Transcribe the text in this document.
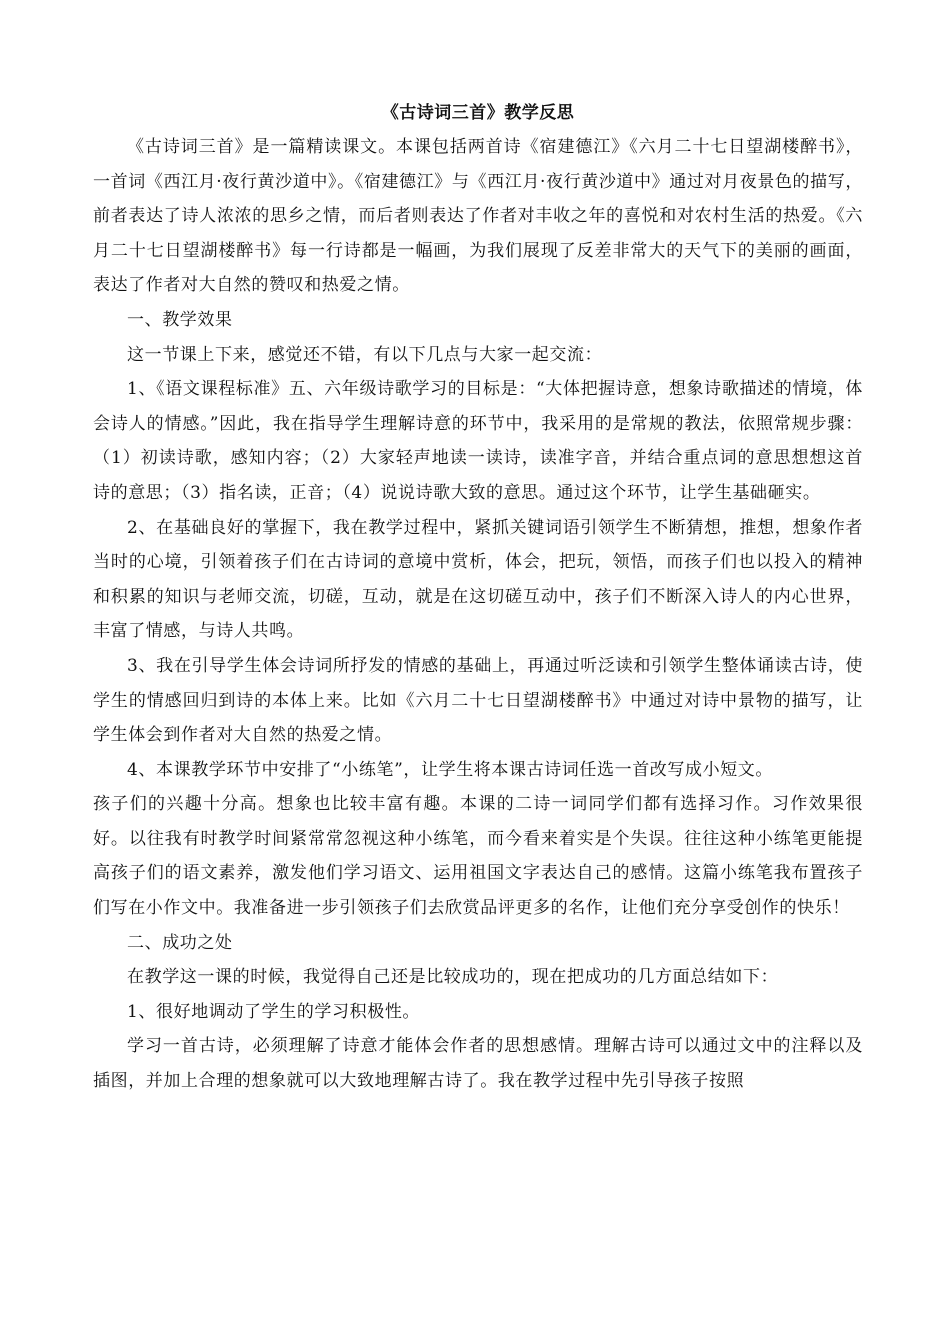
《古诗词三首》教学反思

《古诗词三首》是一篇精读课文。本课包括两首诗《宿建德江》《六月二十七日望湖楼醉书》，一首词《西江月·夜行黄沙道中》。《宿建德江》与《西江月·夜行黄沙道中》通过对月夜景色的描写，前者表达了诗人浓浓的思乡之情，而后者则表达了作者对丰收之年的喜悦和对农村生活的热爱。《六月二十七日望湖楼醉书》每一行诗都是一幅画，为我们展现了反差非常大的天气下的美丽的画面，表达了作者对大自然的赞叹和热爱之情。

一、教学效果

这一节课上下来，感觉还不错，有以下几点与大家一起交流：

1、《语文课程标准》五、六年级诗歌学习的目标是：“大体把握诗意，想象诗歌描述的情境，体会诗人的情感。”因此，我在指导学生理解诗意的环节中，我采用的是常规的教法，依照常规步骤：（1）初读诗歌，感知内容；（2）大家轻声地读一读诗，读准字音，并结合重点词的意思想想这首诗的意思；（3）指名读，正音；（4）说说诗歌大致的意思。通过这个环节，让学生基础砸实。

2、在基础良好的掌握下，我在教学过程中，紧抓关键词语引领学生不断猜想，推想，想象作者当时的心境，引领着孩子们在古诗词的意境中赏析，体会，把玩，领悟，而孩子们也以投入的精神和积累的知识与老师交流，切磋，互动，就是在这切磋互动中，孩子们不断深入诗人的内心世界，丰富了情感，与诗人共鸣。

3、我在引导学生体会诗词所抒发的情感的基础上，再通过听泛读和引领学生整体诵读古诗，使学生的情感回归到诗的本体上来。比如《六月二十七日望湖楼醉书》中通过对诗中景物的描写，让学生体会到作者对大自然的热爱之情。

4、本课教学环节中安排了“小练笔”，让学生将本课古诗词任选一首改写成小短文。

孩子们的兴趣十分高。想象也比较丰富有趣。本课的二诗一词同学们都有选择习作。习作效果很好。以往我有时教学时间紧常常忽视这种小练笔，而今看来着实是个失误。往往这种小练笔更能提高孩子们的语文素养，激发他们学习语文、运用祖国文字表达自己的感情。这篇小练笔我布置孩子们写在小作文中。我准备进一步引领孩子们去欣赏品评更多的名作，让他们充分享受创作的快乐！

二、成功之处

在教学这一课的时候，我觉得自己还是比较成功的，现在把成功的几方面总结如下：

1、很好地调动了学生的学习积极性。

学习一首古诗，必须理解了诗意才能体会作者的思想感情。理解古诗可以通过文中的注释以及插图，并加上合理的想象就可以大致地理解古诗了。我在教学过程中先引导孩子按照
